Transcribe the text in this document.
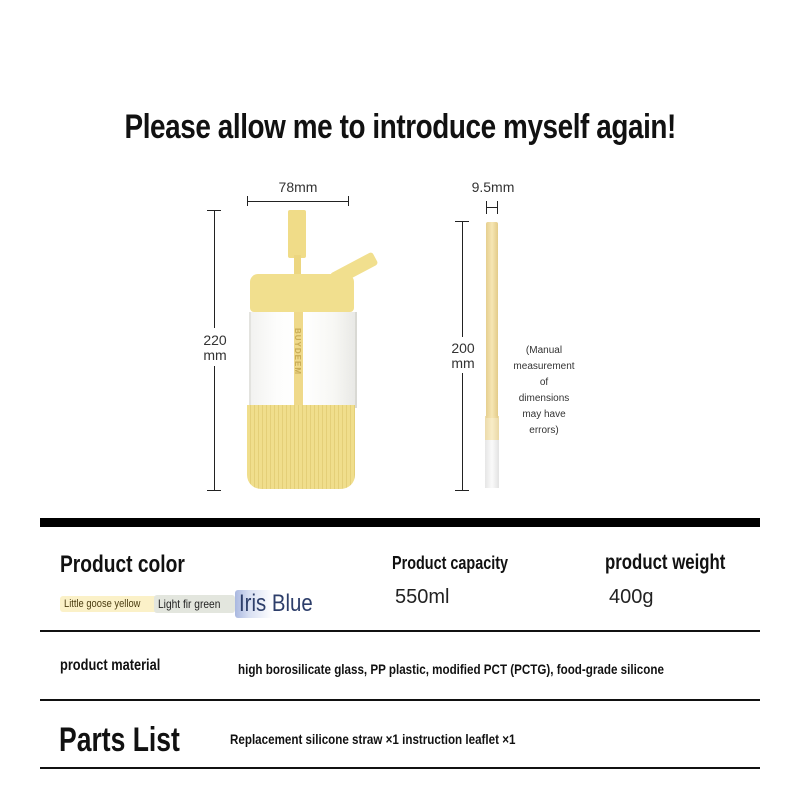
Please allow me to introduce myself again!
78mm
220
mm	BUYDEEM
9.5mm
200
mm
(Manual
measurement
of
dimensions
may have
errors)
Product color
Little goose yellow	Light fir green Iris Blue
Product capacity
550ml
product weight
400g
product material	high borosilicate glass, PP plastic, modified PCT (PCTG), food-grade silicone
Parts List	Replacement silicone straw ×1 instruction leaflet ×1
